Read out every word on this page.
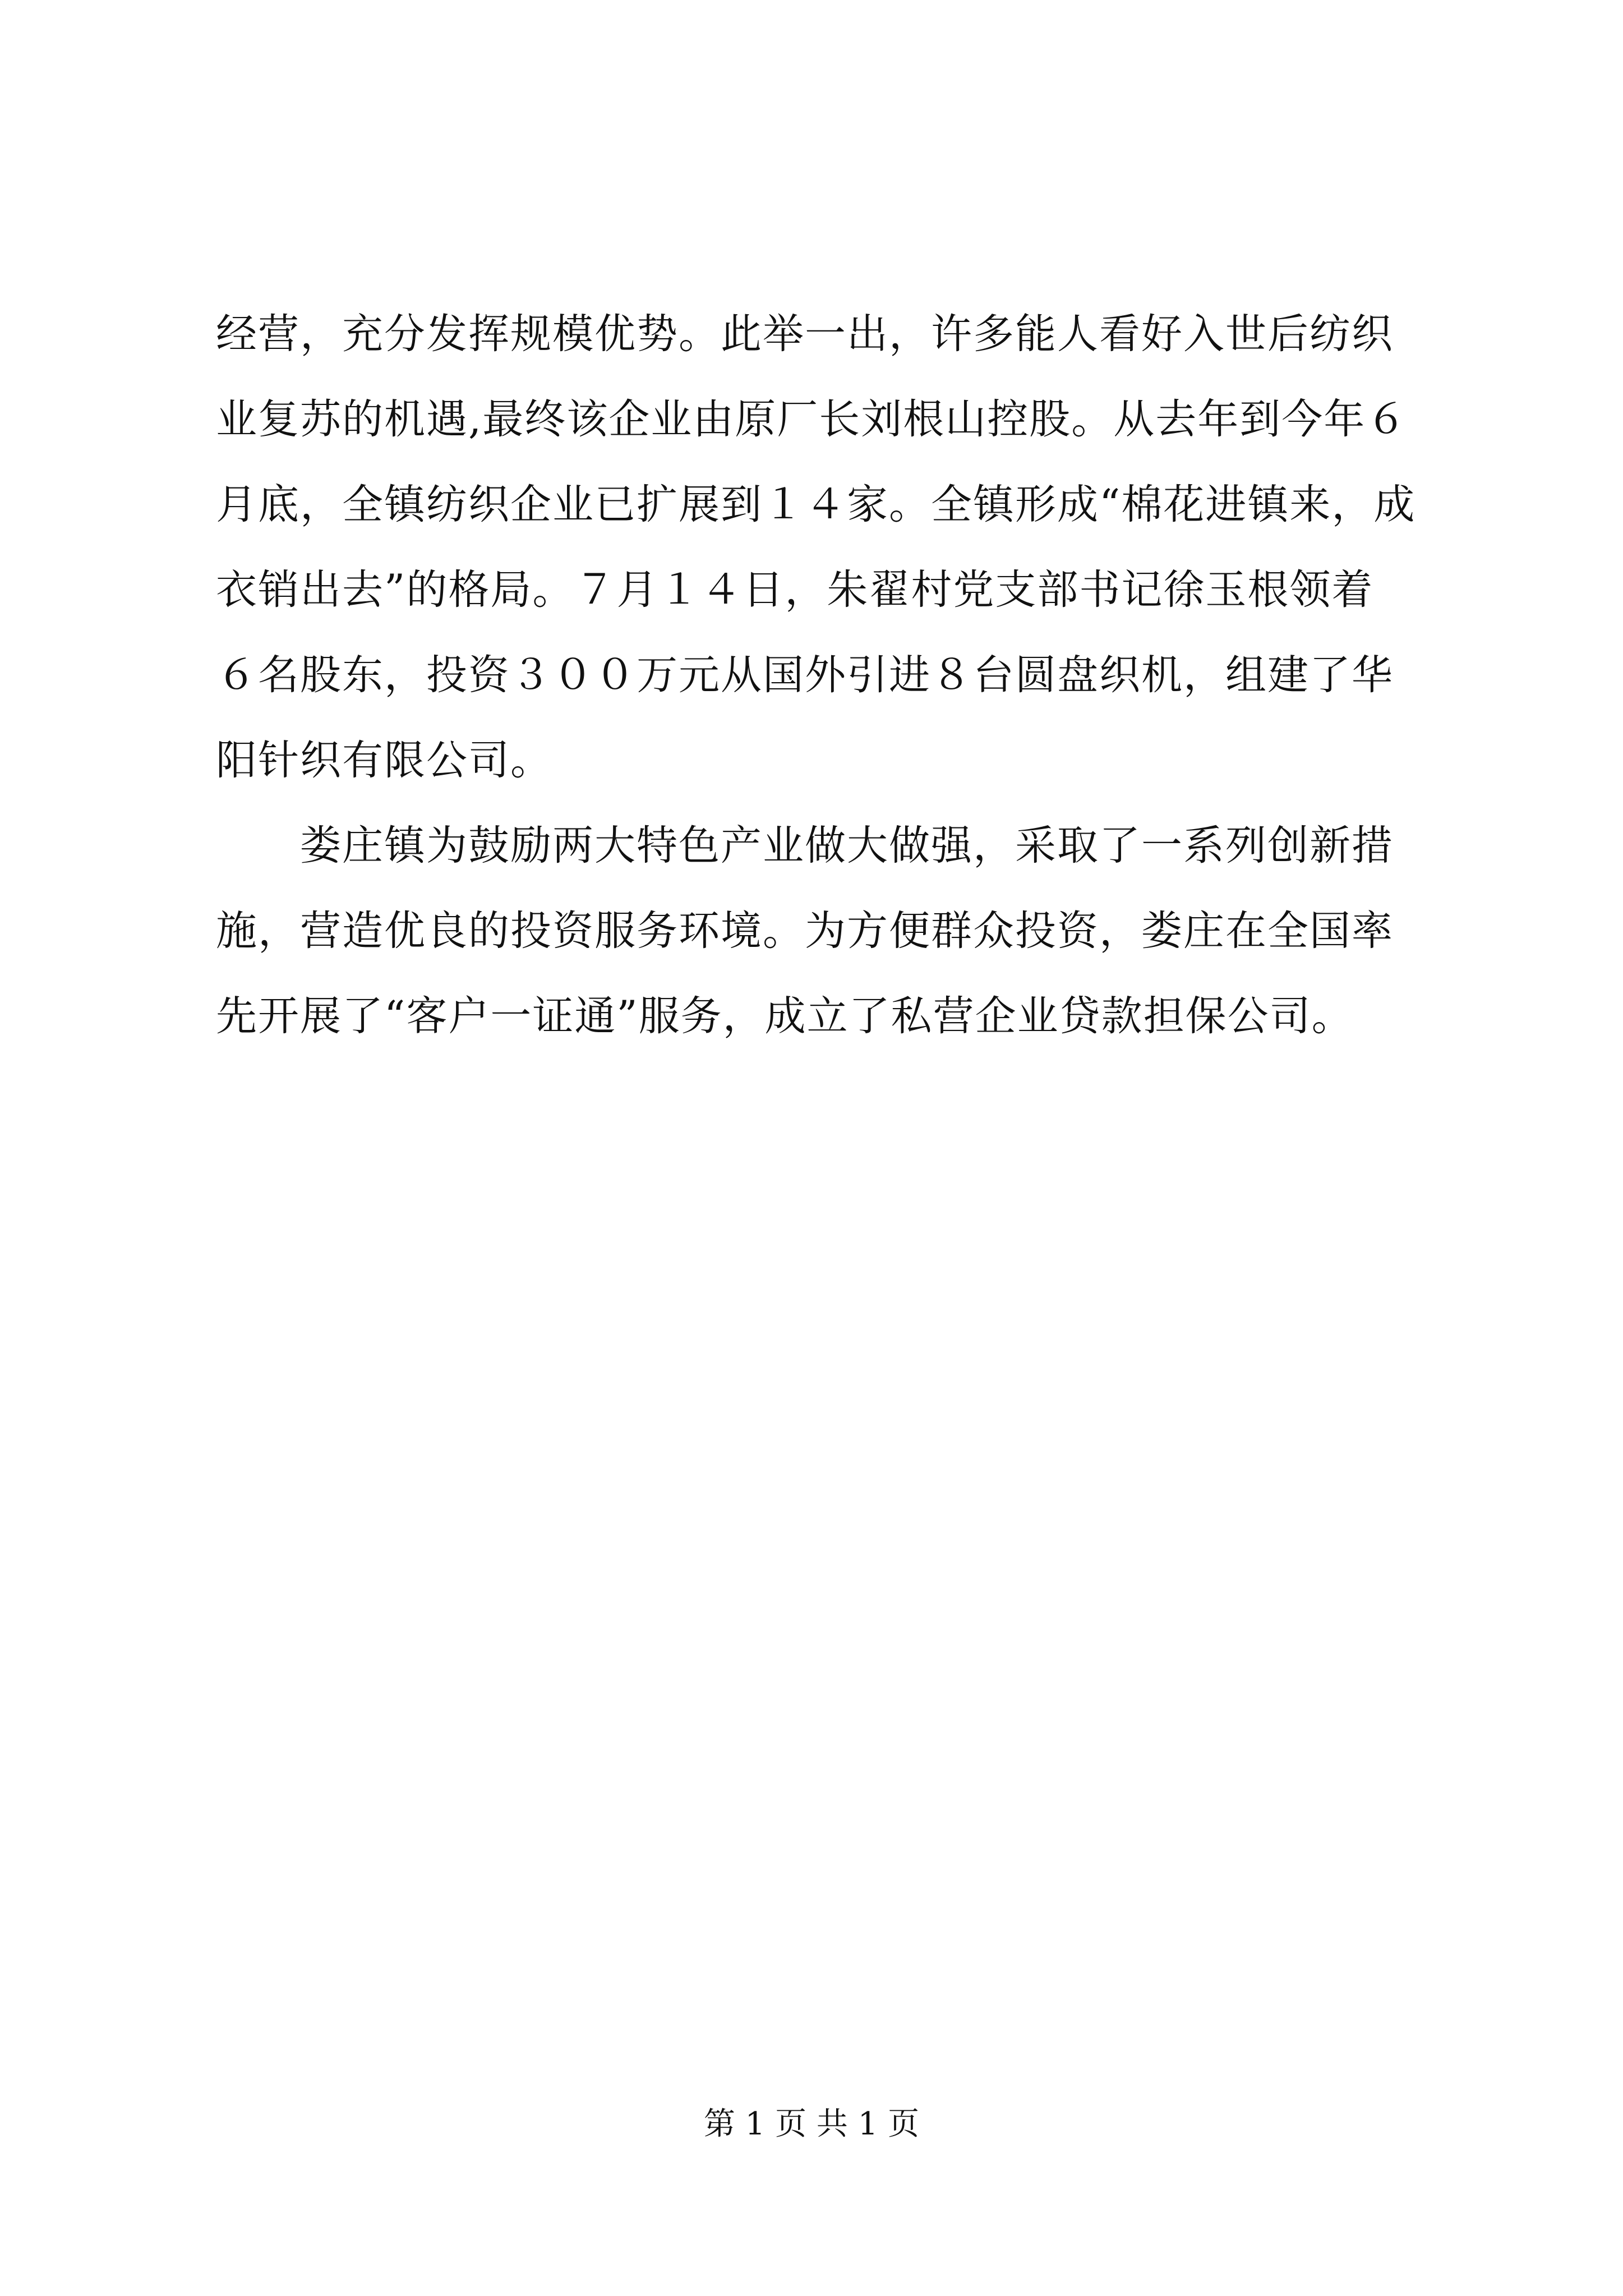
经营，充分发挥规模优势。此举一出，许多能人看好入世后纺织
业复苏的机遇,最终该企业由原厂长刘根山控股。从去年到今年６
月底，全镇纺织企业已扩展到１４家。全镇形成“棉花进镇来，成
衣销出去”的格局。７月１４日，朱翟村党支部书记徐玉根领着
６名股东，投资３００万元从国外引进８台圆盘织机，组建了华
阳针织有限公司。
娄庄镇为鼓励两大特色产业做大做强，采取了一系列创新措
施，营造优良的投资服务环境。为方便群众投资，娄庄在全国率
先开展了“客户一证通”服务，成立了私营企业贷款担保公司。
第 1 页 共 1 页
